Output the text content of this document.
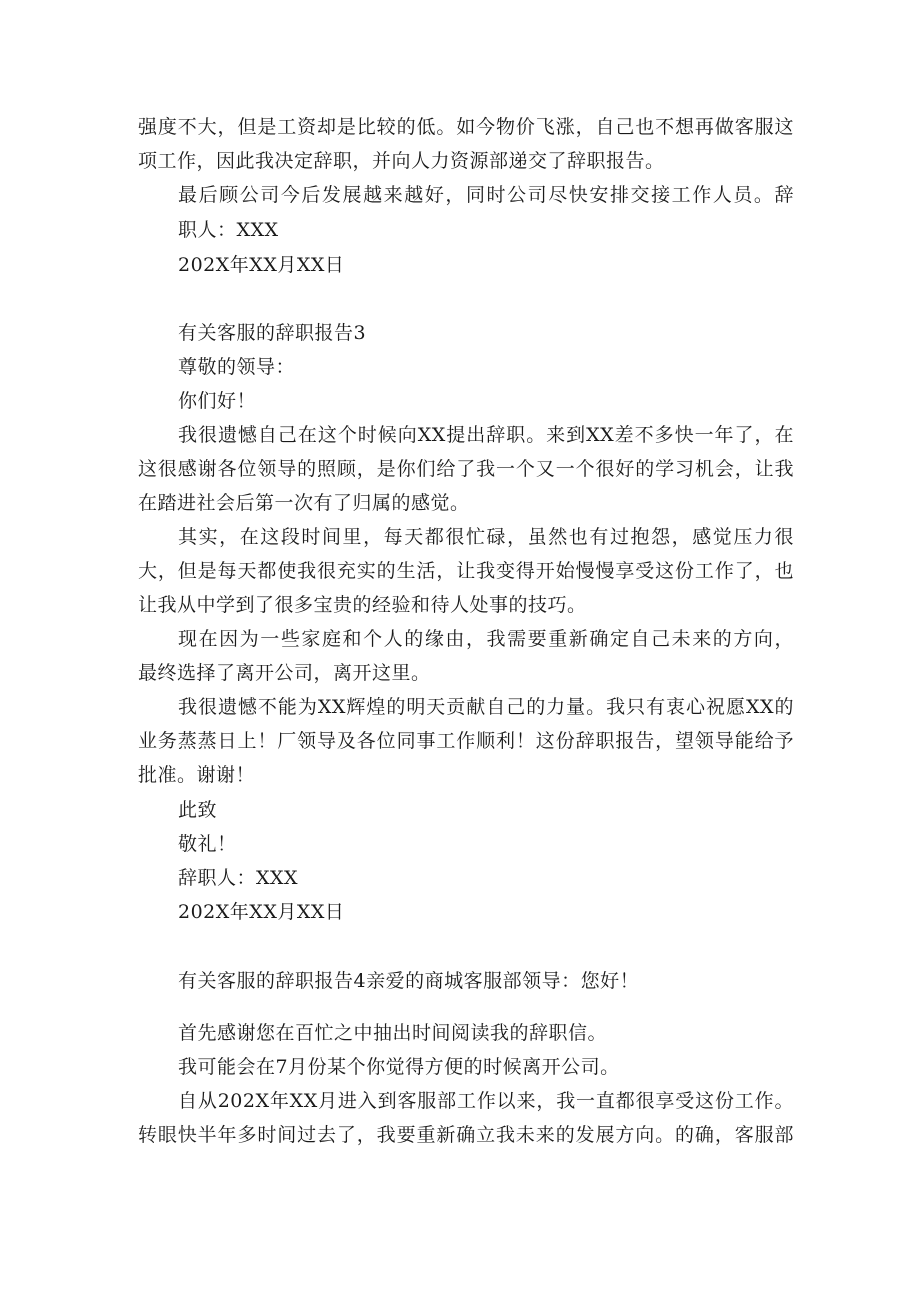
强度不大，但是工资却是比较的低。如今物价飞涨，自己也不想再做客服这
项工作，因此我决定辞职，并向人力资源部递交了辞职报告。
最后顾公司今后发展越来越好，同时公司尽快安排交接工作人员。辞
职人：XXX
202X年XX月XX日
有关客服的辞职报告3
尊敬的领导：
你们好！
我很遗憾自己在这个时候向XX提出辞职。来到XX差不多快一年了，在
这很感谢各位领导的照顾，是你们给了我一个又一个很好的学习机会，让我
在踏进社会后第一次有了归属的感觉。
其实，在这段时间里，每天都很忙碌，虽然也有过抱怨，感觉压力很
大，但是每天都使我很充实的生活，让我变得开始慢慢享受这份工作了，也
让我从中学到了很多宝贵的经验和待人处事的技巧。
现在因为一些家庭和个人的缘由，我需要重新确定自己未来的方向，
最终选择了离开公司，离开这里。
我很遗憾不能为XX辉煌的明天贡献自己的力量。我只有衷心祝愿XX的
业务蒸蒸日上！厂领导及各位同事工作顺利！这份辞职报告，望领导能给予
批准。谢谢！
此致
敬礼！
辞职人：XXX
202X年XX月XX日
有关客服的辞职报告4亲爱的商城客服部领导：您好！
首先感谢您在百忙之中抽出时间阅读我的辞职信。
我可能会在7月份某个你觉得方便的时候离开公司。
自从202X年XX月进入到客服部工作以来，我一直都很享受这份工作。
转眼快半年多时间过去了，我要重新确立我未来的发展方向。的确，客服部
